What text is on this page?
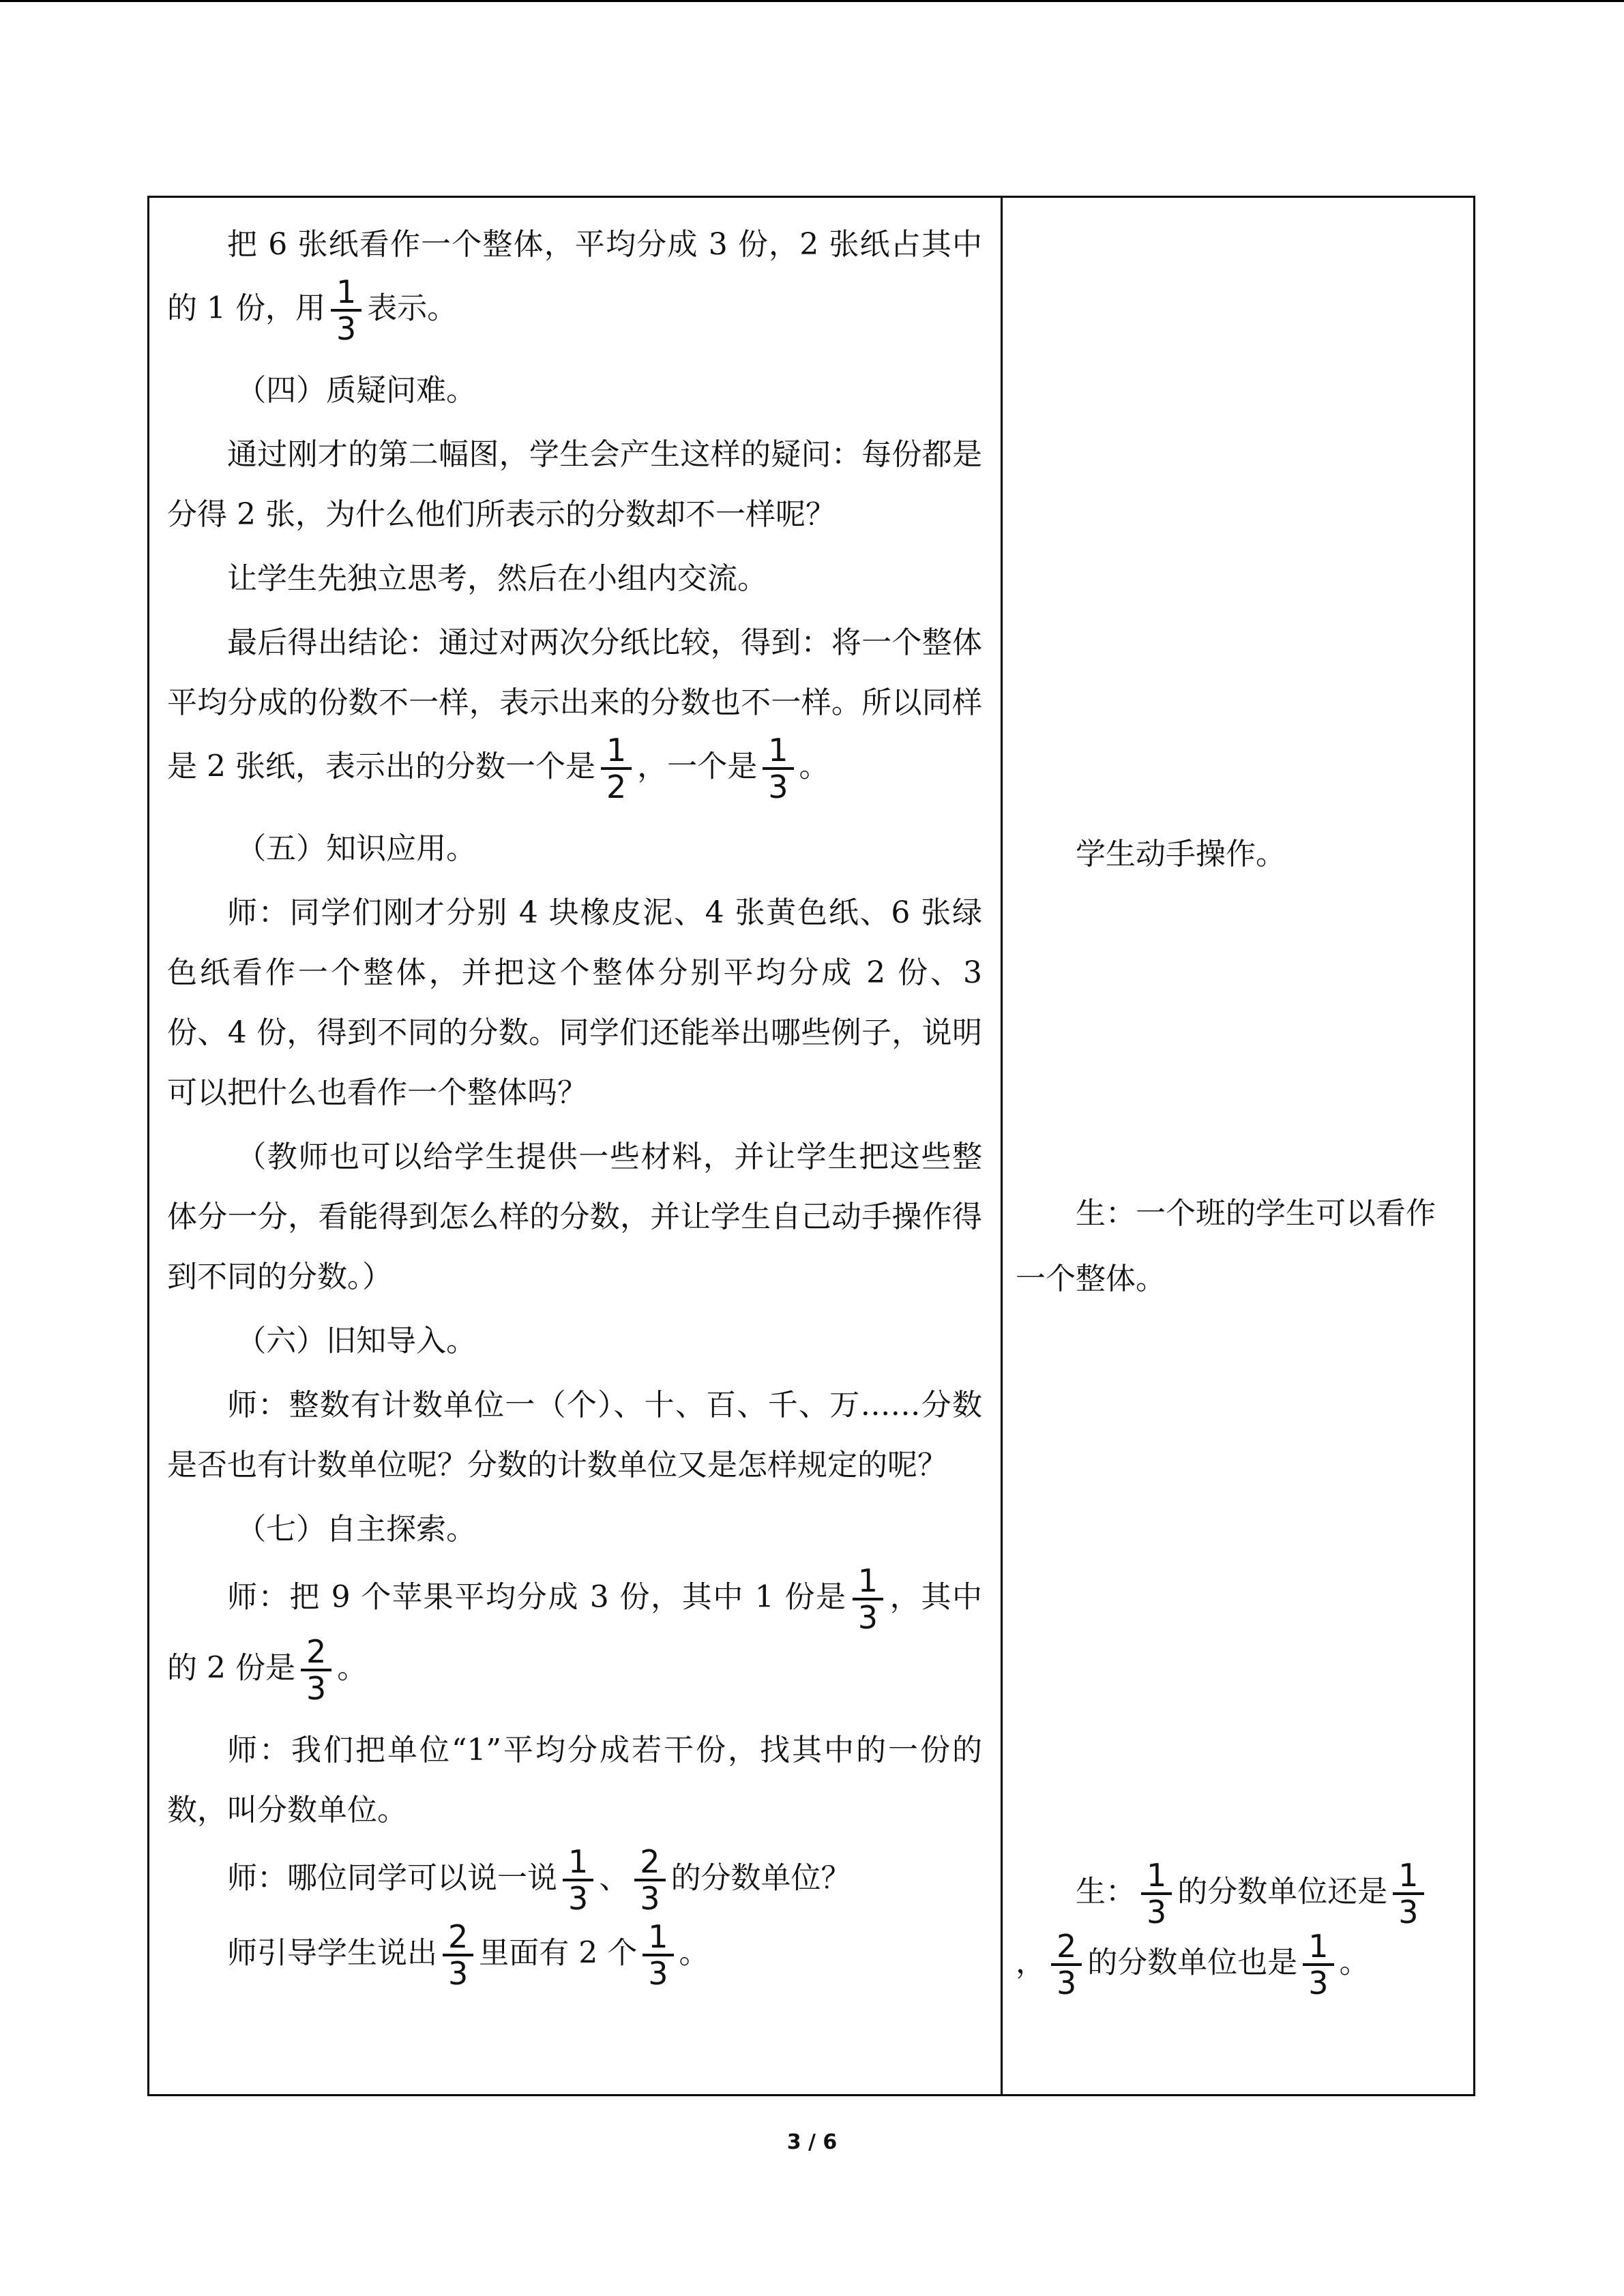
把 6 张纸看作一个整体，平均分成 3 份，2 张纸占其中的 1 份，用 $\frac{1}{3}$ 表示。

（四）质疑问难。

通过刚才的第二幅图，学生会产生这样的疑问：每份都是分得 2 张，为什么他们所表示的分数却不一样呢？

让学生先独立思考，然后在小组内交流。

最后得出结论：通过对两次分纸比较，得到：将一个整体平均分成的份数不一样，表示出来的分数也不一样。所以同样是 2 张纸，表示出的分数一个是 $\frac{1}{2}$ ，一个是 $\frac{1}{3}$ 。

（五）知识应用。

师：同学们刚才分别 4 块橡皮泥、4 张黄色纸、6 张绿色纸看作一个整体，并把这个整体分别平均分成 2 份、3 份、4 份，得到不同的分数。同学们还能举出哪些例子，说明可以把什么也看作一个整体吗？

（教师也可以给学生提供一些材料，并让学生把这些整体分一分，看能得到怎么样的分数，并让学生自己动手操作得到不同的分数。）

（六）旧知导入。

师：整数有计数单位一（个）、十、百、千、万……分数是否也有计数单位呢？分数的计数单位又是怎样规定的呢？

（七）自主探索。

师：把 9 个苹果平均分成 3 份，其中 1 份是 $\frac{1}{3}$ ，其中的 2 份是 $\frac{2}{3}$ 。

师：我们把单位“1”平均分成若干份，找其中的一份的数，叫分数单位。

师：哪位同学可以说一说 $\frac{1}{3}$ 、 $\frac{2}{3}$ 的分数单位？

师引导学生说出 $\frac{2}{3}$ 里面有 2 个 $\frac{1}{3}$ 。

学生动手操作。

生：一个班的学生可以看作一个整体。

生： $\frac{1}{3}$ 的分数单位还是 $\frac{1}{3}$
， $\frac{2}{3}$ 的分数单位也是 $\frac{1}{3}$ 。

3 / 6
